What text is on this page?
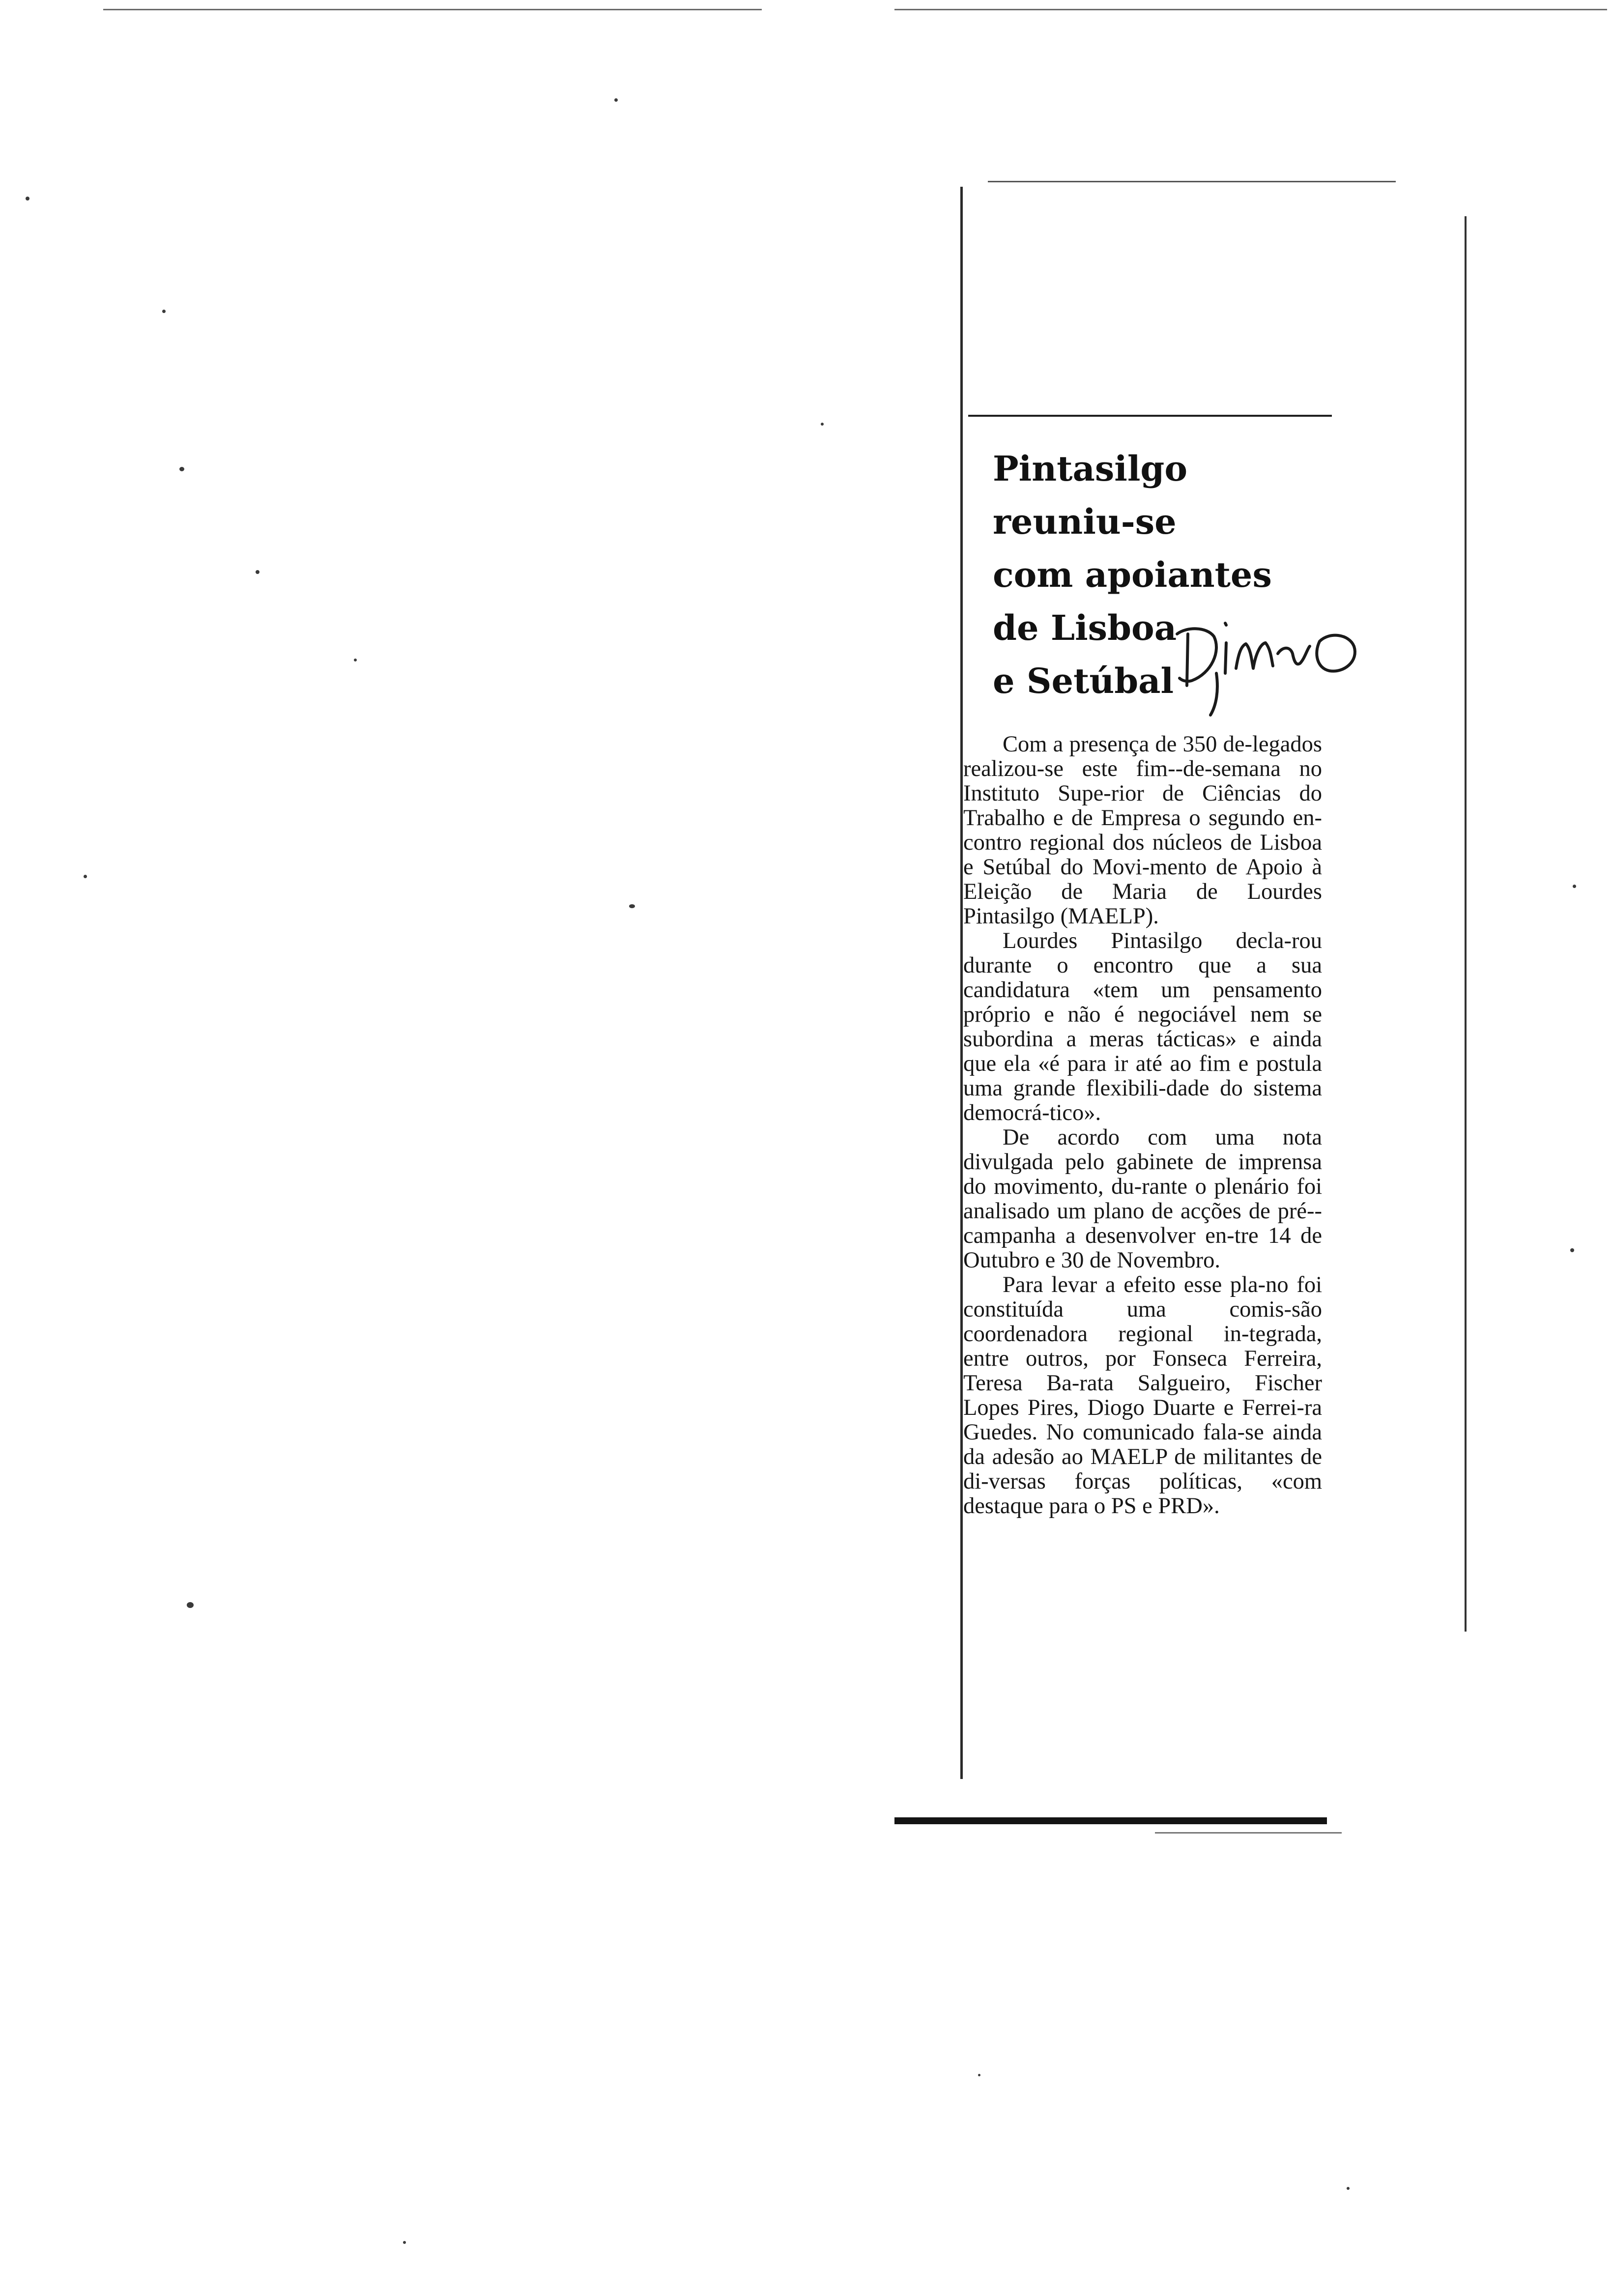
Pintasilgo
reuniu-se
com apoiantes
de Lisboa
e Setúbal

Com a presença de 350 de-legados realizou-se este fim--de-semana no Instituto Supe-rior de Ciências do Trabalho e de Empresa o segundo en-contro regional dos núcleos de Lisboa e Setúbal do Movi-mento de Apoio à Eleição de Maria de Lourdes Pintasilgo (MAELP).

Lourdes Pintasilgo decla-rou durante o encontro que a sua candidatura «tem um pensamento próprio e não é negociável nem se subordina a meras tácticas» e ainda que ela «é para ir até ao fim e postula uma grande flexibili-dade do sistema democrá-tico».

De acordo com uma nota divulgada pelo gabinete de imprensa do movimento, du-rante o plenário foi analisado um plano de acções de pré--campanha a desenvolver en-tre 14 de Outubro e 30 de Novembro.

Para levar a efeito esse pla-no foi constituída uma comis-são coordenadora regional in-tegrada, entre outros, por Fonseca Ferreira, Teresa Ba-rata Salgueiro, Fischer Lopes Pires, Diogo Duarte e Ferrei-ra Guedes. No comunicado fala-se ainda da adesão ao MAELP de militantes de di-versas forças políticas, «com destaque para o PS e PRD».
